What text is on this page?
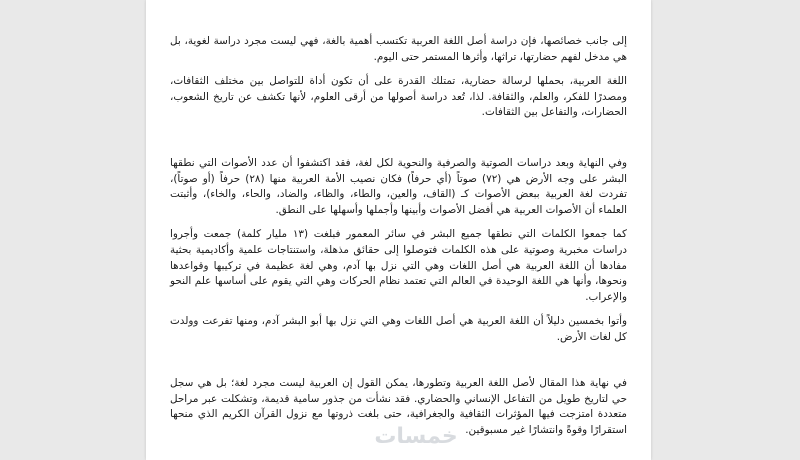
إلى جانب خصائصها، فإن دراسة أصل اللغة العربية تكتسب أهمية بالغة، فهي ليست مجرد دراسة لغوية، بل هي مدخل لفهم حضارتها، تراثها، وأثرها المستمر حتى اليوم.

اللغة العربية، بحملها لرسالة حضارية، تمتلك القدرة على أن تكون أداة للتواصل بين مختلف الثقافات، ومصدرًا للفكر، والعلم، والثقافة. لذا، تُعد دراسة أصولها من أرقى العلوم، لأنها تكشف عن تاريخ الشعوب، الحضارات، والتفاعل بين الثقافات.

وفي النهاية وبعد دراسات الصوتية والصرفية والنحوية لكل لغة، فقد اكتشفوا أن عدد الأصوات التي نطقها البشر على وجه الأرض هي (٧٢) صوتاً (أي حرفاً) فكان نصيب الأمة العربية منها (٢٨) حرفاً (أو صوتاً)، تفردت لغة العربية ببعض الأصوات كـ (القاف، والعين، والطاء، والظاء، والضاد، والحاء، والخاء)، وأثبتت العلماء أن الأصوات العربية هي أفضل الأصوات وأبينها وأجملها وأسهلها على النطق.

كما جمعوا الكلمات التي نطقها جميع البشر في سائر المعمور فبلغت (١٣ مليار كلمة) جمعت وأجروا دراسات مخبرية وصوتية على هذه الكلمات فتوصلوا إلى حقائق مذهلة، واستنتاجات علمية وأكاديمية بحثية مفادها أن اللغة العربية هي أصل اللغات وهي التي نزل بها آدم، وهي لغة عظيمة في تركيبها وقواعدها ونحوها، وأنها هي اللغة الوحيدة في العالم التي تعتمد نظام الحركات وهي التي يقوم على أساسها علم النحو والإعراب.

وأتوا بخمسين دليلاً أن اللغة العربية هي أصل اللغات وهي التي نزل بها أبو البشر آدم، ومنها تفرعت وولدت كل لغات الأرض.

في نهاية هذا المقال لأصل اللغة العربية وتطورها، يمكن القول إن العربية ليست مجرد لغة؛ بل هي سجل حي لتاريخ طويل من التفاعل الإنساني والحضاري. فقد نشأت من جذور سامية قديمة، وتشكلت عبر مراحل متعددة امتزجت فيها المؤثرات الثقافية والجغرافية، حتى بلغت ذروتها مع نزول القرآن الكريم الذي منحها استقرارًا وقوةً وانتشارًا غير مسبوقين.

خمسات
